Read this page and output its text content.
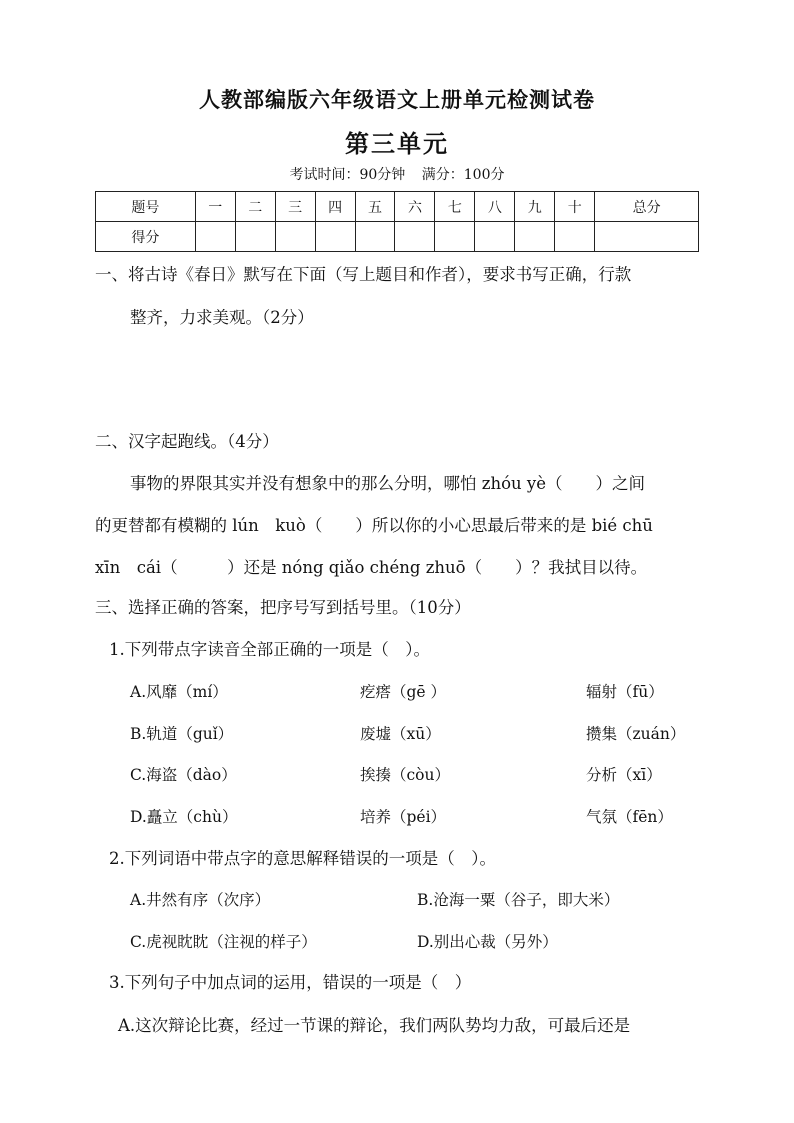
人教部编版六年级语文上册单元检测试卷
第三单元
考试时间：90分钟 满分：100分
题号	一	二	三	四	五	六	七	八	九	十	总分
得分											
一、将古诗《春日》默写在下面（写上题目和作者），要求书写正确，行款
整齐，力求美观。（2分）
二、汉字起跑线。（4分）
事物的界限其实并没有想象中的那么分明，哪怕 zhóu yè（　　）之间
的更替都有模糊的 lún　kuò（　　）所以你的小心思最后带来的是 bié chū
xīn　cái（　　　）还是 nóng qiǎo chéng zhuō（　　）？我拭目以待。
三、选择正确的答案，把序号写到括号里。（10分）
1.下列带点字读音全部正确的一项是（　）。
A.风靡（mí）	疙瘩（gē ）	辐射（fū）
B.轨道（guǐ）	废墟（xū）	攒集（zuán）
C.海盗（dào）	挨揍（còu）	分析（xī）
D.矗立（chù）	培养（péi）	气氛（fēn）
2.下列词语中带点字的意思解释错误的一项是（　）。
A.井然有序（次序）	B.沧海一粟（谷子，即大米）
C.虎视眈眈（注视的样子）	D.别出心裁（另外）
3.下列句子中加点词的运用，错误的一项是（　）
A.这次辩论比赛，经过一节课的辩论，我们两队势均力敌，可最后还是
